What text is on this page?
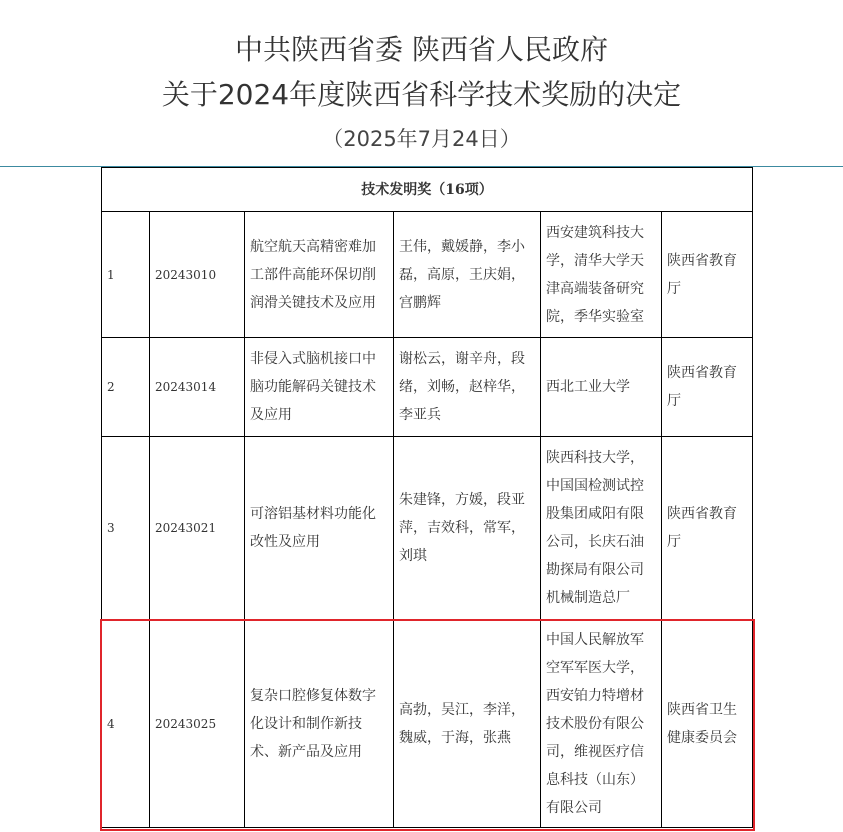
中共陕西省委 陕西省人民政府
关于2024年度陕西省科学技术奖励的决定
（2025年7月24日）
技术发明奖（16项）					
1	20243010	航空航天高精密难加工部件高能环保切削润滑关键技术及应用	王伟，戴媛静，李小磊，高原，王庆娟，宫鹏辉	西安建筑科技大学，清华大学天津高端装备研究院，季华实验室	陕西省教育厅
2	20243014	非侵入式脑机接口中脑功能解码关键技术及应用	谢松云，谢辛舟，段绪，刘畅，赵梓华，李亚兵	西北工业大学	陕西省教育厅
3	20243021	可溶铝基材料功能化改性及应用	朱建锋，方媛，段亚萍，吉效科，常军，刘琪	陕西科技大学，中国国检测试控股集团咸阳有限公司，长庆石油勘探局有限公司机械制造总厂	陕西省教育厅
4	20243025	复杂口腔修复体数字化设计和制作新技术、新产品及应用	高勃，吴江，李洋，魏威，于海，张燕	中国人民解放军空军军医大学，西安铂力特增材技术股份有限公司，维视医疗信息科技（山东）有限公司	陕西省卫生健康委员会
